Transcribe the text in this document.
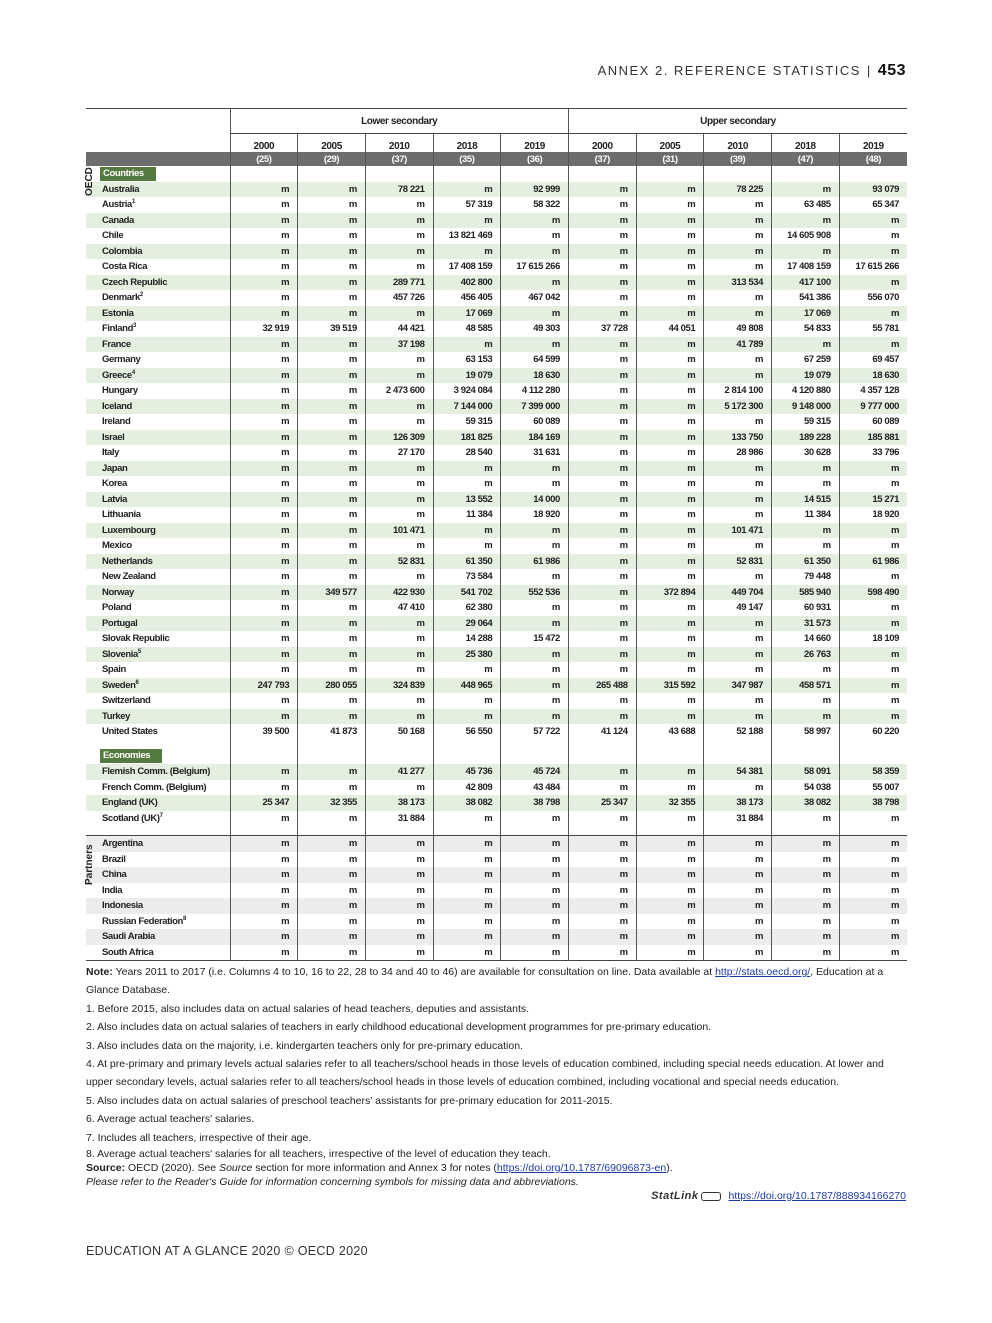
ANNEX 2. REFERENCE STATISTICS | 453
	Lower secondary					Upper secondary				
	2000	2005	2010	2018	2019	2000	2005	2010	2018	2019
	(25)	(29)	(37)	(35)	(36)	(37)	(31)	(39)	(47)	(48)
Countries										
Australia	m	m	78 221	m	92 999	m	m	78 225	m	93 079
Austria$^1$	m	m	m	57 319	58 322	m	m	m	63 485	65 347
Canada	m	m	m	m	m	m	m	m	m	m
Chile	m	m	m	13 821 469	m	m	m	m	14 605 908	m
Colombia	m	m	m	m	m	m	m	m	m	m
Costa Rica	m	m	m	17 408 159	17 615 266	m	m	m	17 408 159	17 615 266
Czech Republic	m	m	289 771	402 800	m	m	m	313 534	417 100	m
Denmark$^2$	m	m	457 726	456 405	467 042	m	m	m	541 386	556 070
Estonia	m	m	m	17 069	m	m	m	m	17 069	m
Finland$^3$	32 919	39 519	44 421	48 585	49 303	37 728	44 051	49 808	54 833	55 781
France	m	m	37 198	m	m	m	m	41 789	m	m
Germany	m	m	m	63 153	64 599	m	m	m	67 259	69 457
Greece$^4$	m	m	m	19 079	18 630	m	m	m	19 079	18 630
Hungary	m	m	2 473 600	3 924 084	4 112 280	m	m	2 814 100	4 120 880	4 357 128
Iceland	m	m	m	7 144 000	7 399 000	m	m	5 172 300	9 148 000	9 777 000
Ireland	m	m	m	59 315	60 089	m	m	m	59 315	60 089
Israel	m	m	126 309	181 825	184 169	m	m	133 750	189 228	185 881
Italy	m	m	27 170	28 540	31 631	m	m	28 986	30 628	33 796
Japan	m	m	m	m	m	m	m	m	m	m
Korea	m	m	m	m	m	m	m	m	m	m
Latvia	m	m	m	13 552	14 000	m	m	m	14 515	15 271
Lithuania	m	m	m	11 384	18 920	m	m	m	11 384	18 920
Luxembourg	m	m	101 471	m	m	m	m	101 471	m	m
Mexico	m	m	m	m	m	m	m	m	m	m
Netherlands	m	m	52 831	61 350	61 986	m	m	52 831	61 350	61 986
New Zealand	m	m	m	73 584	m	m	m	m	79 448	m
Norway	m	349 577	422 930	541 702	552 536	m	372 894	449 704	585 940	598 490
Poland	m	m	47 410	62 380	m	m	m	49 147	60 931	m
Portugal	m	m	m	29 064	m	m	m	m	31 573	m
Slovak Republic	m	m	m	14 288	15 472	m	m	m	14 660	18 109
Slovenia$^5$	m	m	m	25 380	m	m	m	m	26 763	m
Spain	m	m	m	m	m	m	m	m	m	m
Sweden$^6$	247 793	280 055	324 839	448 965	m	265 488	315 592	347 987	458 571	m
Switzerland	m	m	m	m	m	m	m	m	m	m
Turkey	m	m	m	m	m	m	m	m	m	m
United States	39 500	41 873	50 168	56 550	57 722	41 124	43 688	52 188	58 997	60 220

Economies										
Flemish Comm. (Belgium)	m	m	41 277	45 736	45 724	m	m	54 381	58 091	58 359
French Comm. (Belgium)	m	m	m	42 809	43 484	m	m	m	54 038	55 007
England (UK)	25 347	32 355	38 173	38 082	38 798	25 347	32 355	38 173	38 082	38 798
Scotland (UK)$^7$	m	m	31 884	m	m	m	m	31 884	m	m

Argentina	m	m	m	m	m	m	m	m	m	m
Brazil	m	m	m	m	m	m	m	m	m	m
China	m	m	m	m	m	m	m	m	m	m
India	m	m	m	m	m	m	m	m	m	m
Indonesia	m	m	m	m	m	m	m	m	m	m
Russian Federation$^8$	m	m	m	m	m	m	m	m	m	m
Saudi Arabia	m	m	m	m	m	m	m	m	m	m
South Africa	m	m	m	m	m	m	m	m	m	m
OECD
Partners

Note: Years 2011 to 2017 (i.e. Columns 4 to 10, 16 to 22, 28 to 34 and 40 to 46) are available for consultation on line. Data available at http://stats.oecd.org/, Education at a Glance Database.

1. Before 2015, also includes data on actual salaries of head teachers, deputies and assistants.

2. Also includes data on actual salaries of teachers in early childhood educational development programmes for pre-primary education.

3. Also includes data on the majority, i.e. kindergarten teachers only for pre-primary education.

4. At pre-primary and primary levels actual salaries refer to all teachers/school heads in those levels of education combined, including special needs education. At lower and upper secondary levels, actual salaries refer to all teachers/school heads in those levels of education combined, including vocational and special needs education.

5. Also includes data on actual salaries of preschool teachers' assistants for pre-primary education for 2011-2015.

6. Average actual teachers' salaries.

7. Includes all teachers, irrespective of their age.

8. Average actual teachers' salaries for all teachers, irrespective of the level of education they teach.

Source: OECD (2020). See Source section for more information and Annex 3 for notes (https://doi.org/10.1787/69096873-en).

Please refer to the Reader's Guide for information concerning symbols for missing data and abbreviations.

StatLink	https://doi.org/10.1787/888934166270
EDUCATION AT A GLANCE 2020 © OECD 2020
